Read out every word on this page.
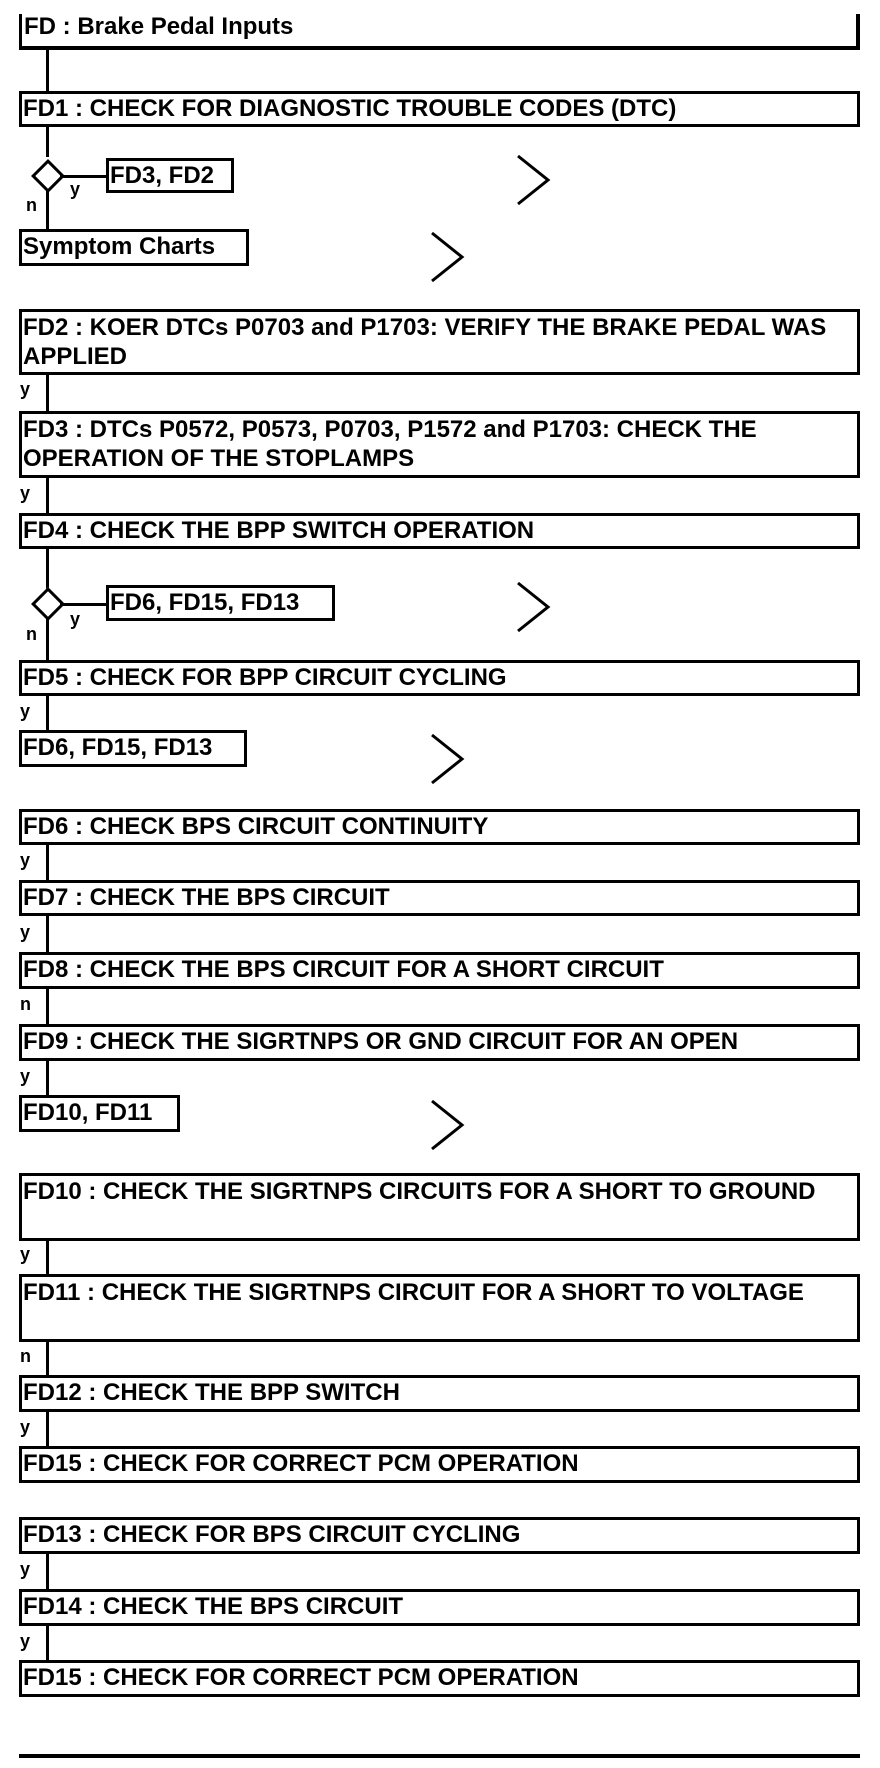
FD : Brake Pedal Inputs
FD1 : CHECK FOR DIAGNOSTIC TROUBLE CODES (DTC)
y
n
FD3, FD2
Symptom Charts
FD2 : KOER DTCs P0703 and P1703: VERIFY THE BRAKE PEDAL WAS APPLIED
y
FD3 : DTCs P0572, P0573, P0703, P1572 and P1703: CHECK THE OPERATION OF THE STOPLAMPS
y
FD4 : CHECK THE BPP SWITCH OPERATION
y
n
FD6, FD15, FD13
FD5 : CHECK FOR BPP CIRCUIT CYCLING
y
FD6, FD15, FD13
FD6 : CHECK BPS CIRCUIT CONTINUITY
y
FD7 : CHECK THE BPS CIRCUIT
y
FD8 : CHECK THE BPS CIRCUIT FOR A SHORT CIRCUIT
n
FD9 : CHECK THE SIGRTNPS OR GND CIRCUIT FOR AN OPEN
y
FD10, FD11
FD10 : CHECK THE SIGRTNPS CIRCUITS FOR A SHORT TO GROUND
y
FD11 : CHECK THE SIGRTNPS CIRCUIT FOR A SHORT TO VOLTAGE
n
FD12 : CHECK THE BPP SWITCH
y
FD15 : CHECK FOR CORRECT PCM OPERATION
FD13 : CHECK FOR BPS CIRCUIT CYCLING
y
FD14 : CHECK THE BPS CIRCUIT
y
FD15 : CHECK FOR CORRECT PCM OPERATION
